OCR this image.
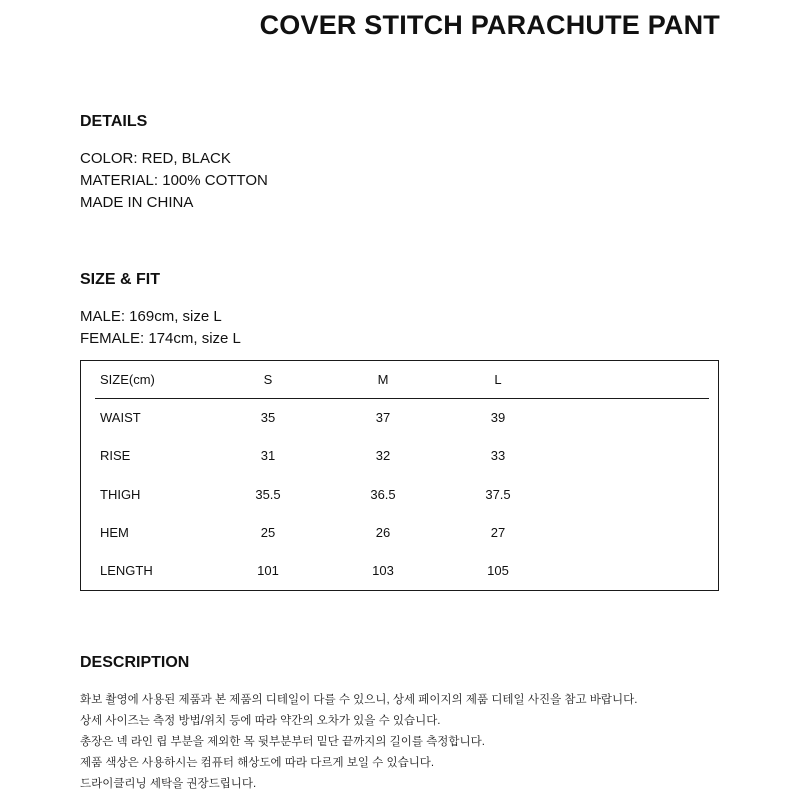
COVER STITCH PARACHUTE PANT
DETAILS

COLOR: RED, BLACK

MATERIAL: 100% COTTON

MADE IN CHINA

SIZE & FIT

MALE: 169cm, size L

FEMALE: 174cm, size L

SIZE(cm)	S	M	L
WAIST	35	37	39
RISE	31	32	33
THIGH	35.5	36.5	37.5
HEM	25	26	27
LENGTH	101	103	105
DESCRIPTION

화보 촬영에 사용된 제품과 본 제품의 디테일이 다를 수 있으니, 상세 페이지의 제품 디테일 사진을 참고 바랍니다.

상세 사이즈는 측정 방법/위치 등에 따라 약간의 오차가 있을 수 있습니다.

총장은 넥 라인 립 부분을 제외한 목 뒷부분부터 밑단 끝까지의 길이를 측정합니다.

제품 색상은 사용하시는 컴퓨터 해상도에 따라 다르게 보일 수 있습니다.

드라이클리닝 세탁을 권장드립니다.
